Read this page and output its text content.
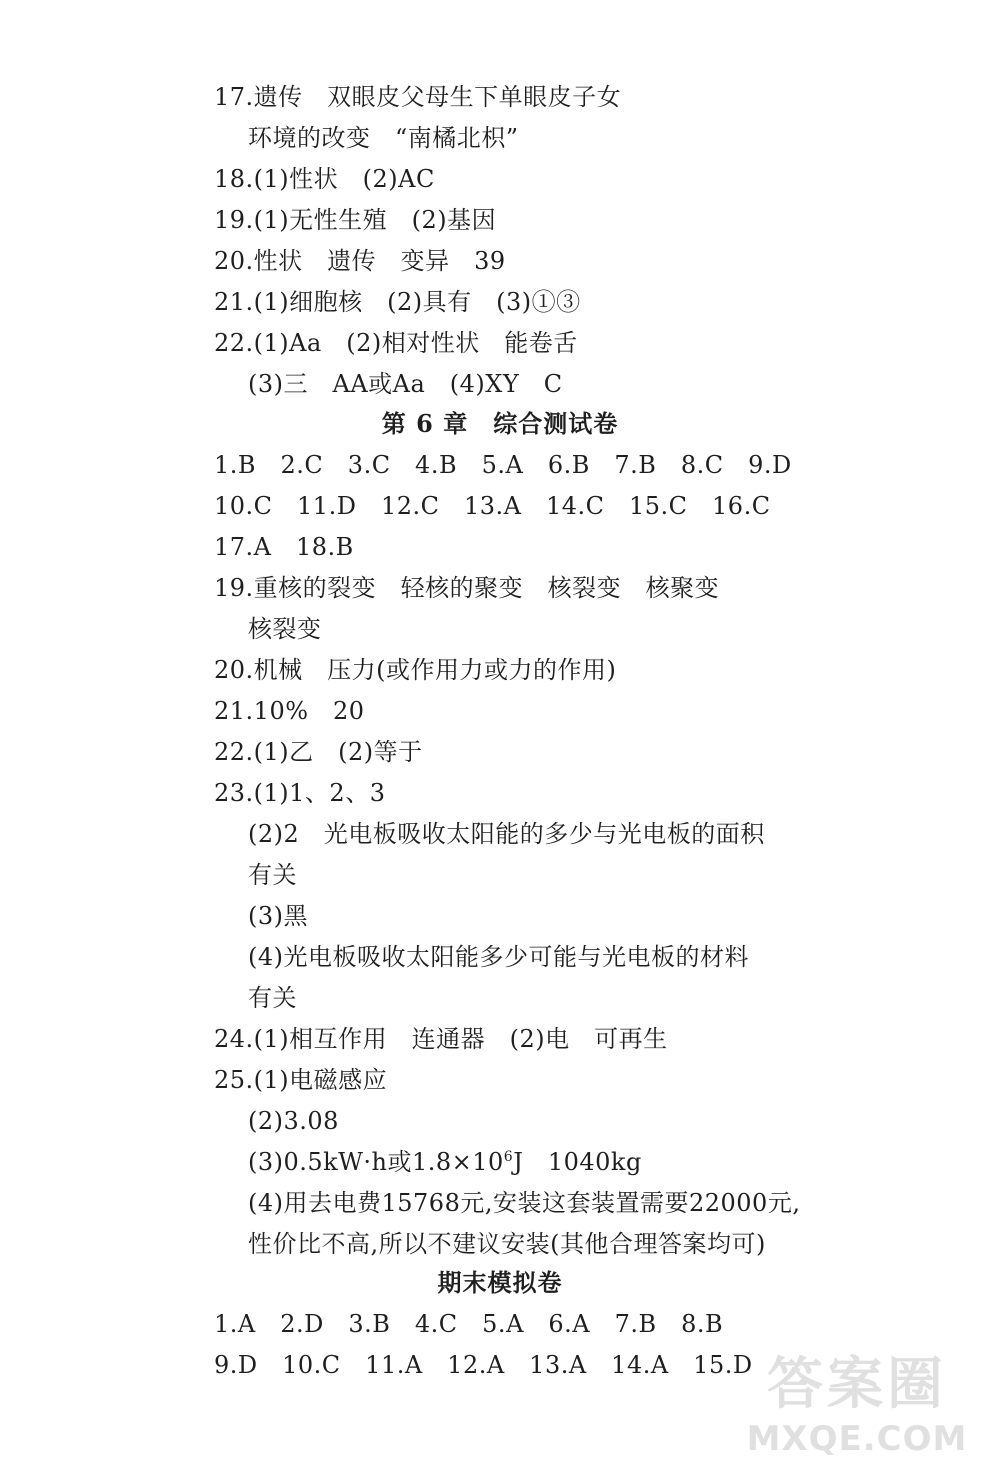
17.遗传　双眼皮父母生下单眼皮子女
环境的改变　“南橘北枳”
18.(1)性状　(2)AC
19.(1)无性生殖　(2)基因
20.性状　遗传　变异　39
21.(1)细胞核　(2)具有　(3)①③
22.(1)Aa　(2)相对性状　能卷舌
(3)三　AA或Aa　(4)XY　C
第 6 章　综合测试卷
1.B　2.C　3.C　4.B　5.A　6.B　7.B　8.C　9.D
10.C　11.D　12.C　13.A　14.C　15.C　16.C
17.A　18.B
19.重核的裂变　轻核的聚变　核裂变　核聚变
核裂变
20.机械　压力(或作用力或力的作用)
21.10%　20
22.(1)乙　(2)等于
23.(1)1、2、3
(2)2　光电板吸收太阳能的多少与光电板的面积
有关
(3)黑
(4)光电板吸收太阳能多少可能与光电板的材料
有关
24.(1)相互作用　连通器　(2)电　可再生
25.(1)电磁感应
(2)3.08
(3)0.5kW·h或$1.8\times 10^6J$　1040kg
(4)用去电费15768元,安装这套装置需要22000元,
性价比不高,所以不建议安装(其他合理答案均可)
期末模拟卷
1.A　2.D　3.B　4.C　5.A　6.A　7.B　8.B
9.D　10.C　11.A　12.A　13.A　14.A　15.D 答案圈
MXQE.COM
